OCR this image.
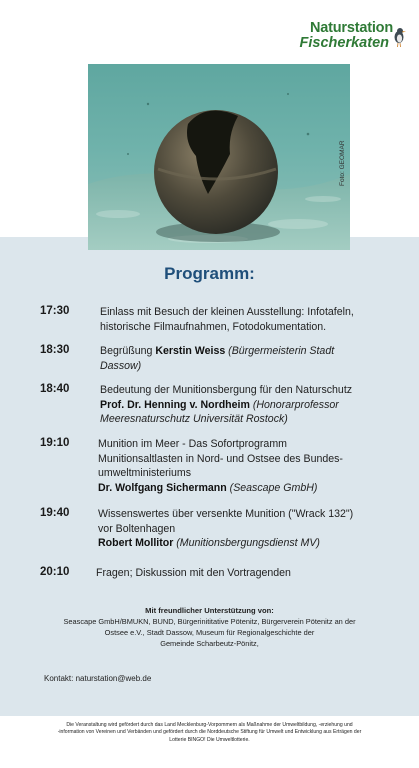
Naturstation
Fischerkaten
Foto: GEOMAR
Programm:
17:30	Einlass mit Besuch der kleinen Ausstellung: Infotafeln,
historische Filmaufnahmen, Fotodokumentation.
18:30	Begrüßung Kerstin Weiss (Bürgermeisterin Stadt
Dassow)
18:40	Bedeutung der Munitionsbergung für den Naturschutz
Prof. Dr. Henning v. Nordheim (Honorarprofessor
Meeresnaturschutz Universität Rostock)
19:10	Munition im Meer - Das Sofortprogramm
Munitionsaltlasten in Nord- und Ostsee des Bundes-
umweltministeriums
Dr. Wolfgang Sichermann (Seascape GmbH)
19:40	Wissenswertes über versenkte Munition ("Wrack 132")
vor Boltenhagen
Robert Mollitor (Munitionsbergungsdienst MV)
20:10	Fragen; Diskussion mit den Vortragenden
Mit freundlicher Unterstützung von:
Seascape GmbH/BMUKN, BUND, Bürgerinititative Pötenitz, Bürgerverein Pötenitz an der
Ostsee e.V., Stadt Dassow, Museum für Regionalgeschichte der
Gemeinde Scharbeutz-Pönitz,
Kontakt: naturstation@web.de
Die Veranstaltung wird gefördert durch das Land Mecklenburg-Vorpommern als Maßnahme der Umweltbildung, -erziehung und
-information von Vereinen und Verbänden und gefördert durch die Norddeutsche Stiftung für Umwelt und Entwicklung aus Erträgen der
Lotterie BINGO! Die Umweltlotterie.
